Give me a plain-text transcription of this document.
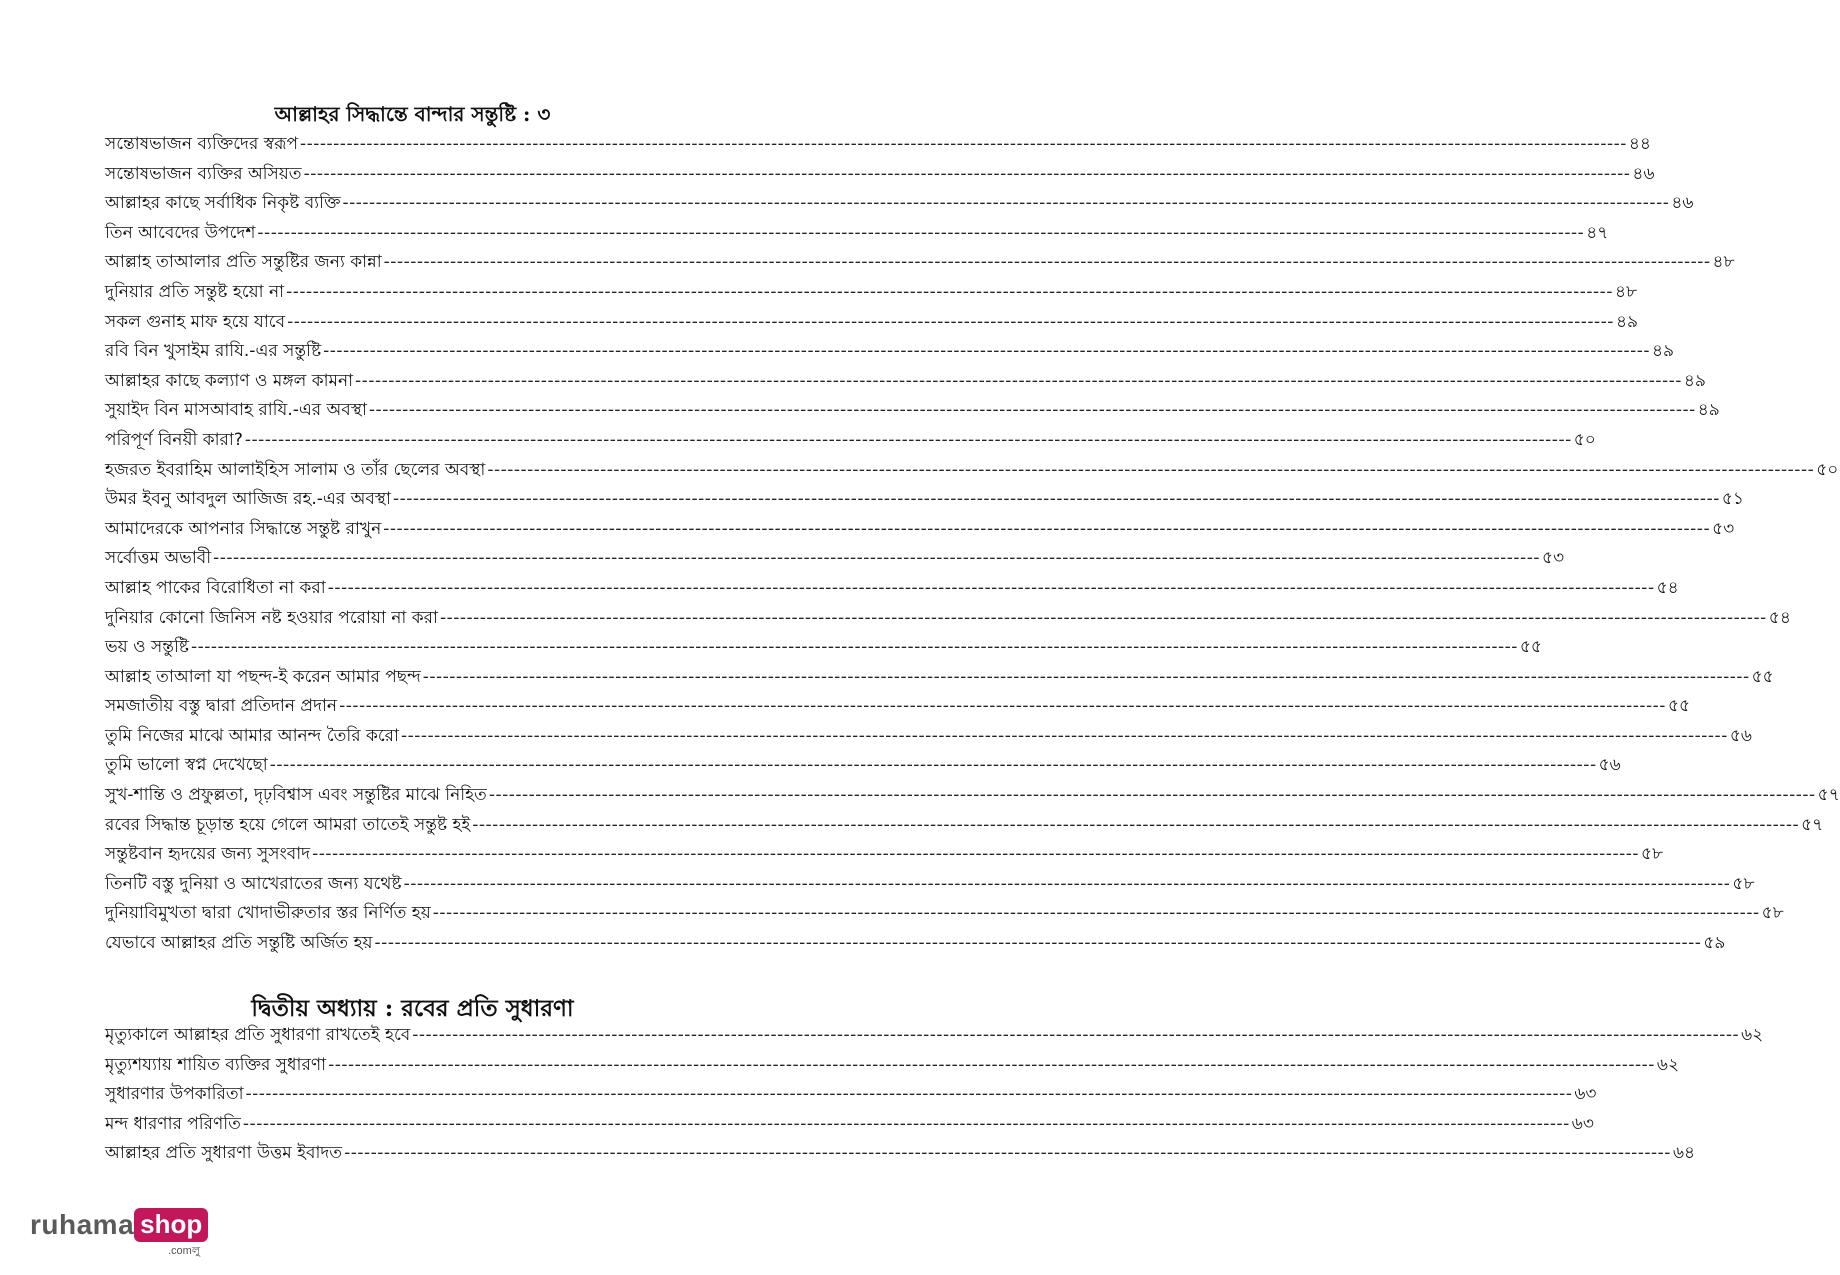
আল্লাহর সিদ্ধান্তে বান্দার সন্তুষ্টি : ৩
সন্তোষভাজন ব্যক্তিদের স্বরূপ -------------------------------------------------------------------------------------------------------------------------------------------------------------------------------------------------------- ৪৪
সন্তোষভাজন ব্যক্তির অসিয়ত -------------------------------------------------------------------------------------------------------------------------------------------------------------------------------------------------------- ৪৬
আল্লাহর কাছে সর্বাধিক নিকৃষ্ট ব্যক্তি -------------------------------------------------------------------------------------------------------------------------------------------------------------------------------------------------------- ৪৬
তিন আবেদের উপদেশ -------------------------------------------------------------------------------------------------------------------------------------------------------------------------------------------------------- ৪৭
আল্লাহ তাআলার প্রতি সন্তুষ্টির জন্য কান্না -------------------------------------------------------------------------------------------------------------------------------------------------------------------------------------------------------- ৪৮
দুনিয়ার প্রতি সন্তুষ্ট হয়ো না -------------------------------------------------------------------------------------------------------------------------------------------------------------------------------------------------------- ৪৮
সকল গুনাহ মাফ হয়ে যাবে -------------------------------------------------------------------------------------------------------------------------------------------------------------------------------------------------------- ৪৯
রবি বিন খুসাইম রাযি.-এর সন্তুষ্টি -------------------------------------------------------------------------------------------------------------------------------------------------------------------------------------------------------- ৪৯
আল্লাহর কাছে কল্যাণ ও মঙ্গল কামনা -------------------------------------------------------------------------------------------------------------------------------------------------------------------------------------------------------- ৪৯
সুয়াইদ বিন মাসআবাহ রাযি.-এর অবস্থা -------------------------------------------------------------------------------------------------------------------------------------------------------------------------------------------------------- ৪৯
পরিপূর্ণ বিনয়ী কারা? -------------------------------------------------------------------------------------------------------------------------------------------------------------------------------------------------------- ৫০
হজরত ইবরাহিম আলাইহিস সালাম ও তাঁর ছেলের অবস্থা -------------------------------------------------------------------------------------------------------------------------------------------------------------------------------------------------------- ৫০
উমর ইবনু আবদুল আজিজ রহ.-এর অবস্থা -------------------------------------------------------------------------------------------------------------------------------------------------------------------------------------------------------- ৫১
আমাদেরকে আপনার সিদ্ধান্তে সন্তুষ্ট রাখুন -------------------------------------------------------------------------------------------------------------------------------------------------------------------------------------------------------- ৫৩
সর্বোত্তম অভাবী -------------------------------------------------------------------------------------------------------------------------------------------------------------------------------------------------------- ৫৩
আল্লাহ পাকের বিরোধিতা না করা -------------------------------------------------------------------------------------------------------------------------------------------------------------------------------------------------------- ৫৪
দুনিয়ার কোনো জিনিস নষ্ট হওয়ার পরোয়া না করা -------------------------------------------------------------------------------------------------------------------------------------------------------------------------------------------------------- ৫৪
ভয় ও সন্তুষ্টি -------------------------------------------------------------------------------------------------------------------------------------------------------------------------------------------------------- ৫৫
আল্লাহ তাআলা যা পছন্দ-ই করেন আমার পছন্দ -------------------------------------------------------------------------------------------------------------------------------------------------------------------------------------------------------- ৫৫
সমজাতীয় বস্তু দ্বারা প্রতিদান প্রদান -------------------------------------------------------------------------------------------------------------------------------------------------------------------------------------------------------- ৫৫
তুমি নিজের মাঝে আমার আনন্দ তৈরি করো -------------------------------------------------------------------------------------------------------------------------------------------------------------------------------------------------------- ৫৬
তুমি ভালো স্বপ্ন দেখেছো -------------------------------------------------------------------------------------------------------------------------------------------------------------------------------------------------------- ৫৬
সুখ-শান্তি ও প্রফুল্লতা, দৃঢ়বিশ্বাস এবং সন্তুষ্টির মাঝে নিহিত -------------------------------------------------------------------------------------------------------------------------------------------------------------------------------------------------------- ৫৭
রবের সিদ্ধান্ত চূড়ান্ত হয়ে গেলে আমরা তাতেই সন্তুষ্ট হই -------------------------------------------------------------------------------------------------------------------------------------------------------------------------------------------------------- ৫৭
সন্তুষ্টবান হৃদয়ের জন্য সুসংবাদ -------------------------------------------------------------------------------------------------------------------------------------------------------------------------------------------------------- ৫৮
তিনটি বস্তু দুনিয়া ও আখেরাতের জন্য যথেষ্ট -------------------------------------------------------------------------------------------------------------------------------------------------------------------------------------------------------- ৫৮
দুনিয়াবিমুখতা দ্বারা খোদাভীরুতার স্তর নির্ণিত হয় -------------------------------------------------------------------------------------------------------------------------------------------------------------------------------------------------------- ৫৮
যেভাবে আল্লাহর প্রতি সন্তুষ্টি অর্জিত হয় -------------------------------------------------------------------------------------------------------------------------------------------------------------------------------------------------------- ৫৯
দ্বিতীয় অধ্যায় : রবের প্রতি সুধারণা
মৃত্যুকালে আল্লাহর প্রতি সুধারণা রাখতেই হবে -------------------------------------------------------------------------------------------------------------------------------------------------------------------------------------------------------- ৬২
মৃত্যুশয্যায় শায়িত ব্যক্তির সুধারণা -------------------------------------------------------------------------------------------------------------------------------------------------------------------------------------------------------- ৬২
সুধারণার উপকারিতা -------------------------------------------------------------------------------------------------------------------------------------------------------------------------------------------------------- ৬৩
মন্দ ধারণার পরিণতি -------------------------------------------------------------------------------------------------------------------------------------------------------------------------------------------------------- ৬৩
আল্লাহর প্রতি সুধারণা উত্তম ইবাদত -------------------------------------------------------------------------------------------------------------------------------------------------------------------------------------------------------- ৬৪
ruhama shop
.comলু
